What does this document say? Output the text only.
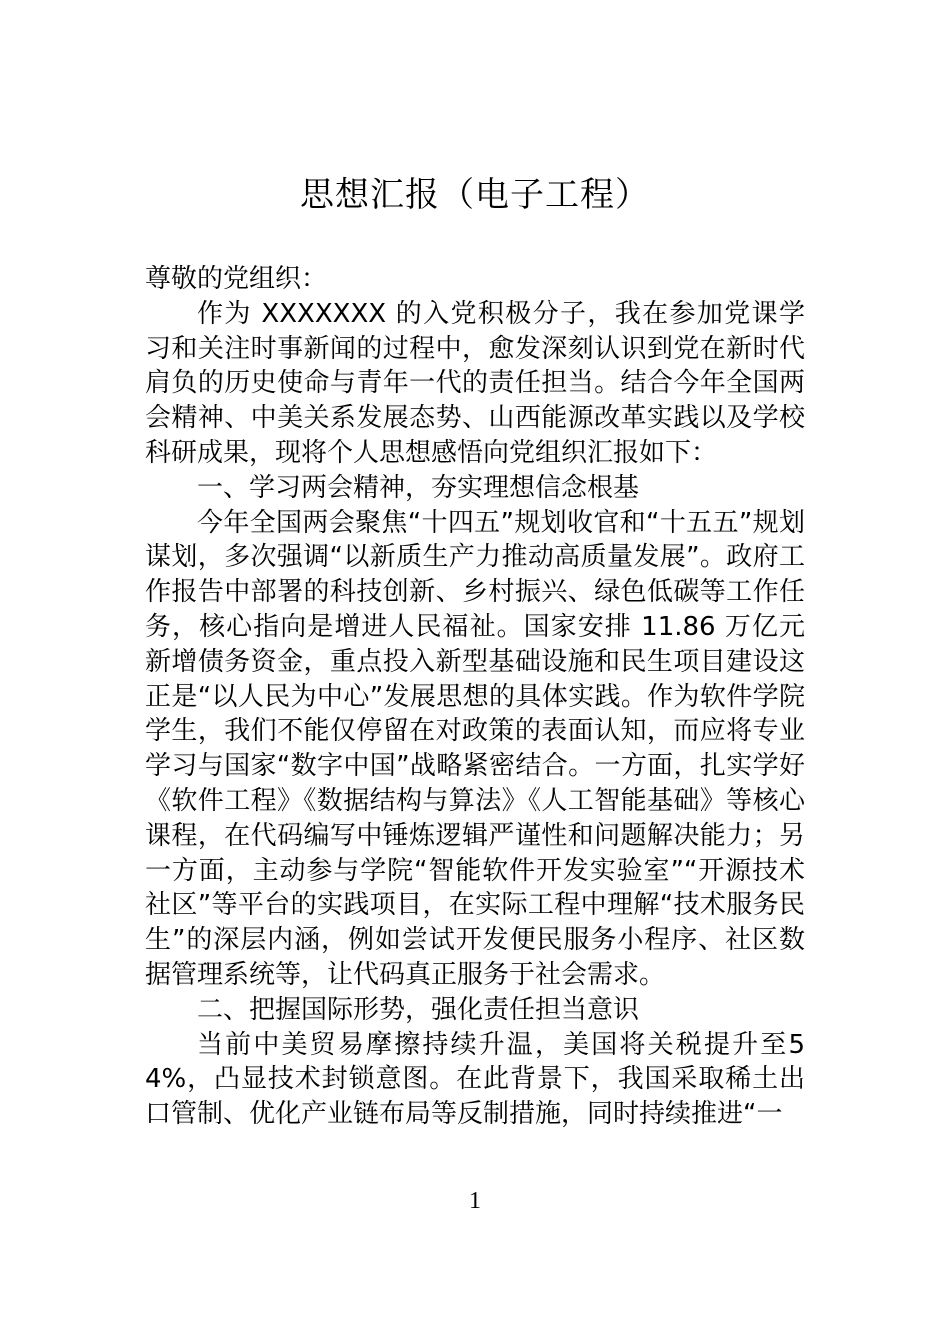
思想汇报（电子工程）

尊敬的党组织：

作为 XXXXXXX 的入党积极分子，我在参加党课学习和关注时事新闻的过程中，愈发深刻认识到党在新时代肩负的历史使命与青年一代的责任担当。结合今年全国两会精神、中美关系发展态势、山西能源改革实践以及学校科研成果，现将个人思想感悟向党组织汇报如下：

一、学习两会精神，夯实理想信念根基

今年全国两会聚焦“十四五”规划收官和“十五五”规划谋划，多次强调“以新质生产力推动高质量发展”。政府工作报告中部署的科技创新、乡村振兴、绿色低碳等工作任务，核心指向是增进人民福祉。国家安排 11.86 万亿元新增债务资金，重点投入新型基础设施和民生项目建设这正是“以人民为中心”发展思想的具体实践。作为软件学院学生，我们不能仅停留在对政策的表面认知，而应将专业学习与国家“数字中国”战略紧密结合。一方面，扎实学好《软件工程》《数据结构与算法》《人工智能基础》等核心课程，在代码编写中锤炼逻辑严谨性和问题解决能力；另一方面，主动参与学院“智能软件开发实验室”“开源技术社区”等平台的实践项目，在实际工程中理解“技术服务民生”的深层内涵，例如尝试开发便民服务小程序、社区数据管理系统等，让代码真正服务于社会需求。

二、把握国际形势，强化责任担当意识

当前中美贸易摩擦持续升温，美国将关税提升至54%，凸显技术封锁意图。在此背景下，我国采取稀土出口管制、优化产业链布局等反制措施，同时持续推进“一

1
